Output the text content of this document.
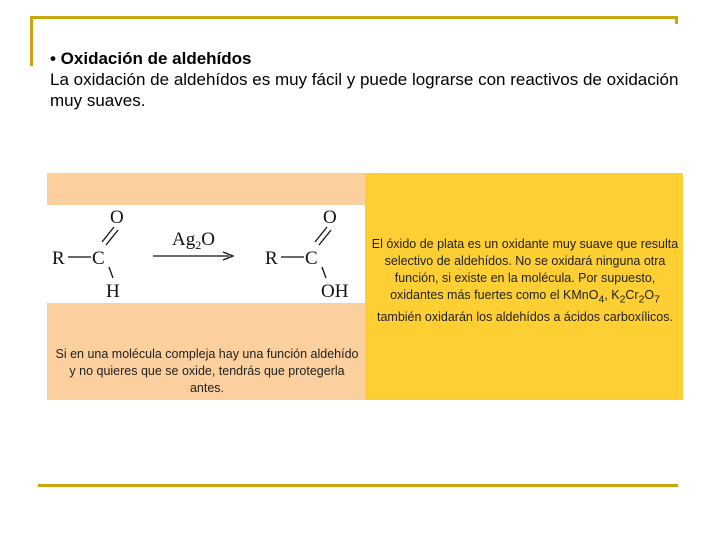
• Oxidación de aldehídos
La oxidación de aldehídos es muy fácil y puede lograrse con reactivos de oxidación muy suaves.
R C
O
H
$Ag_2O$
R C
O
OH
Si en una molécula compleja hay una función aldehído y no quieres que se oxide, tendrás que protegerla antes.
El óxido de plata es un oxidante muy suave que resulta selectivo de aldehídos. No se oxidará ninguna otra función, si existe en la molécula. Por supuesto, oxidantes más fuertes como el KMnO$_4$, $K_2Cr_2O_7$ también oxidarán los aldehídos a ácidos carboxílicos.
